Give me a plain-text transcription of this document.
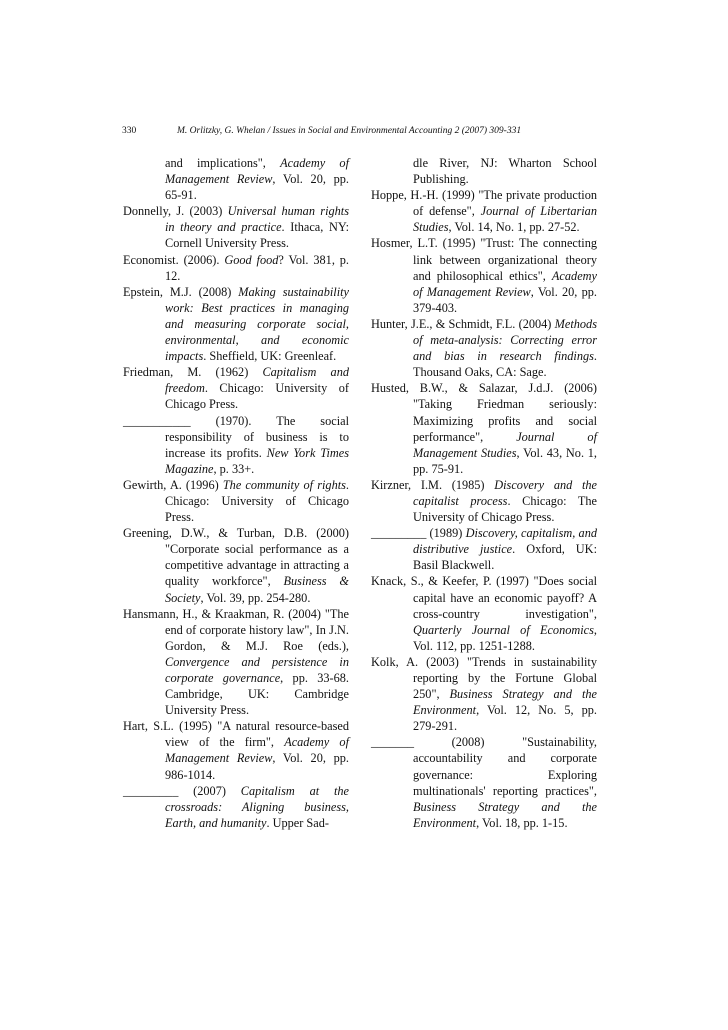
330	M. Orlitzky, G. Whelan / Issues in Social and Environmental Accounting 2 (2007) 309-331

and implications", Academy of Management Review, Vol. 20, pp. 65-91.

Donnelly, J. (2003) Universal human rights in theory and practice. Ithaca, NY: Cornell University Press.

Economist. (2006). Good food? Vol. 381, p. 12.

Epstein, M.J. (2008) Making sustainability work: Best practices in managing and measuring corporate social, environmental, and economic impacts. Sheffield, UK: Greenleaf.

Friedman, M. (1962) Capitalism and freedom. Chicago: University of Chicago Press.

___________ (1970). The social responsibility of business is to increase its profits. New York Times Magazine, p. 33+.

Gewirth, A. (1996) The community of rights. Chicago: University of Chicago Press.

Greening, D.W., & Turban, D.B. (2000) "Corporate social performance as a competitive advantage in attracting a quality workforce", Business & Society, Vol. 39, pp. 254-280.

Hansmann, H., & Kraakman, R. (2004) "The end of corporate history law", In J.N. Gordon, & M.J. Roe (eds.), Convergence and persistence in corporate governance, pp. 33-68. Cambridge, UK: Cambridge University Press.

Hart, S.L. (1995) "A natural resource-based view of the firm", Academy of Management Review, Vol. 20, pp. 986-1014.

_________ (2007) Capitalism at the crossroads: Aligning business, Earth, and humanity. Upper Sad-

dle River, NJ: Wharton School Publishing.

Hoppe, H.-H. (1999) "The private production of defense", Journal of Libertarian Studies, Vol. 14, No. 1, pp. 27-52.

Hosmer, L.T. (1995) "Trust: The connecting link between organizational theory and philosophical ethics", Academy of Management Review, Vol. 20, pp. 379-403.

Hunter, J.E., & Schmidt, F.L. (2004) Methods of meta-analysis: Correcting error and bias in research findings. Thousand Oaks, CA: Sage.

Husted, B.W., & Salazar, J.d.J. (2006) "Taking Friedman seriously: Maximizing profits and social performance", Journal of Management Studies, Vol. 43, No. 1, pp. 75-91.

Kirzner, I.M. (1985) Discovery and the capitalist process. Chicago: The University of Chicago Press.

_________ (1989) Discovery, capitalism, and distributive justice. Oxford, UK: Basil Blackwell.

Knack, S., & Keefer, P. (1997) "Does social capital have an economic payoff? A cross-country investigation", Quarterly Journal of Economics, Vol. 112, pp. 1251-1288.

Kolk, A. (2003) "Trends in sustainability reporting by the Fortune Global 250", Business Strategy and the Environment, Vol. 12, No. 5, pp. 279-291.

_______ (2008) "Sustainability, accountability and corporate governance: Exploring multinationals' reporting practices", Business Strategy and the Environment, Vol. 18, pp. 1-15.
